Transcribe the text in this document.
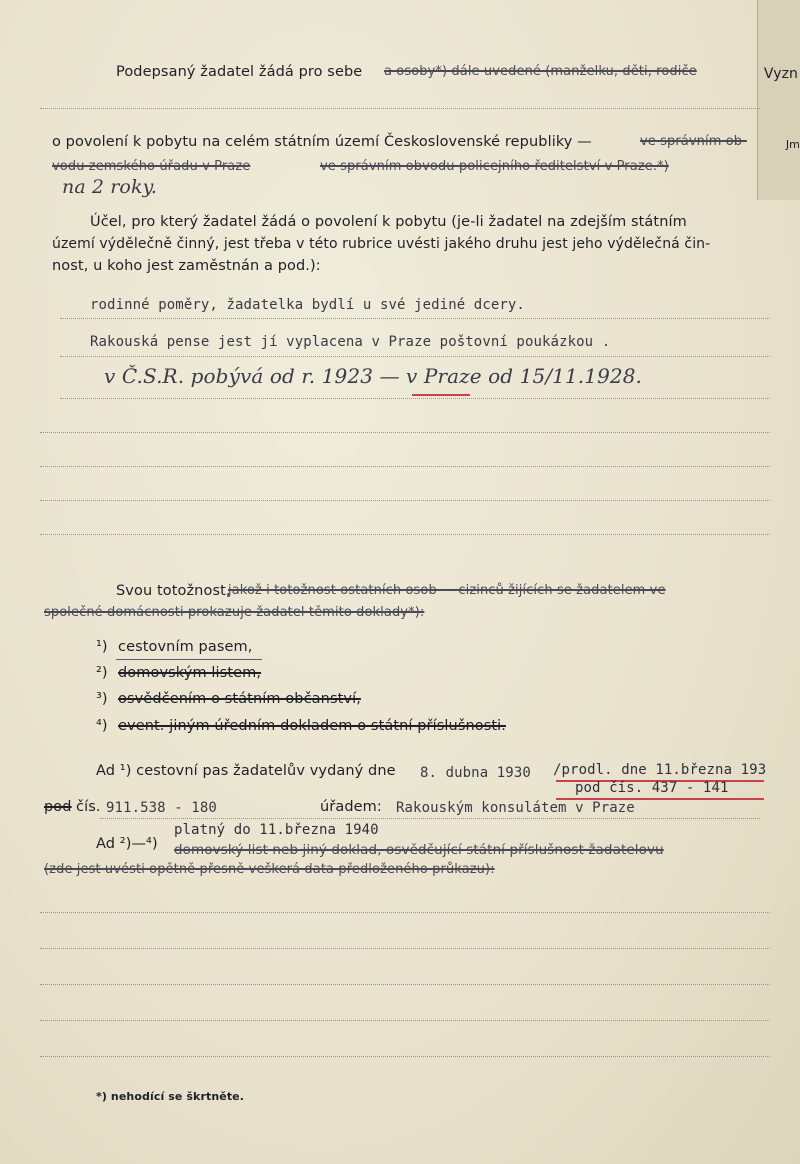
Vyzn
Jm
Podepsaný žadatel žádá pro sebe a osoby*) dále uvedené (manželku, děti, rodiče
o povolení k pobytu na celém státním území Československé republiky —	ve správním ob-
vodu zemského úřadu v Praze	ve správním obvodu policejního ředitelství v Praze.*)
na 2 roky.
Účel, pro který žadatel žádá o povolení k pobytu (je-li žadatel na zdejším státním
území výdělečně činný, jest třeba v této rubrice uvésti jakého druhu jest jeho výdělečná čin-
nost, u koho jest zaměstnán a pod.):
rodinné poměry, žadatelka bydlí u své jediné dcery.
Rakouská pense jest jí vyplacena v Praze poštovní poukázkou .
v Č.S.R. pobývá od r. 1923 — v Praze od 15/11.1928.
Svou totožnost,
jakož i totožnost ostatních osob — cizinců žijících se žadatelem ve
společné domácnosti prokazuje žadatel těmito doklady*):
¹) cestovním pasem,
²) domovským listem,
³) osvědčením o státním občanství,
⁴) event. jiným úředním dokladem o státní příslušnosti.
Ad ¹) cestovní pas žadatelův vydaný dne 8. dubna 1930 /prodl. dne 11.března 193
pod čís. 437 - 141
pod čís. 911.538 - 180	úřadem: Rakouským konsulátem v Praze
platný do 11.března 1940
Ad ²)—⁴) domovský list neb jiný doklad, osvědčující státní příslušnost žadatelovu
(zde jest uvésti opětně přesně veškerá data předloženého průkazu):
*) nehodící se škrtněte.
